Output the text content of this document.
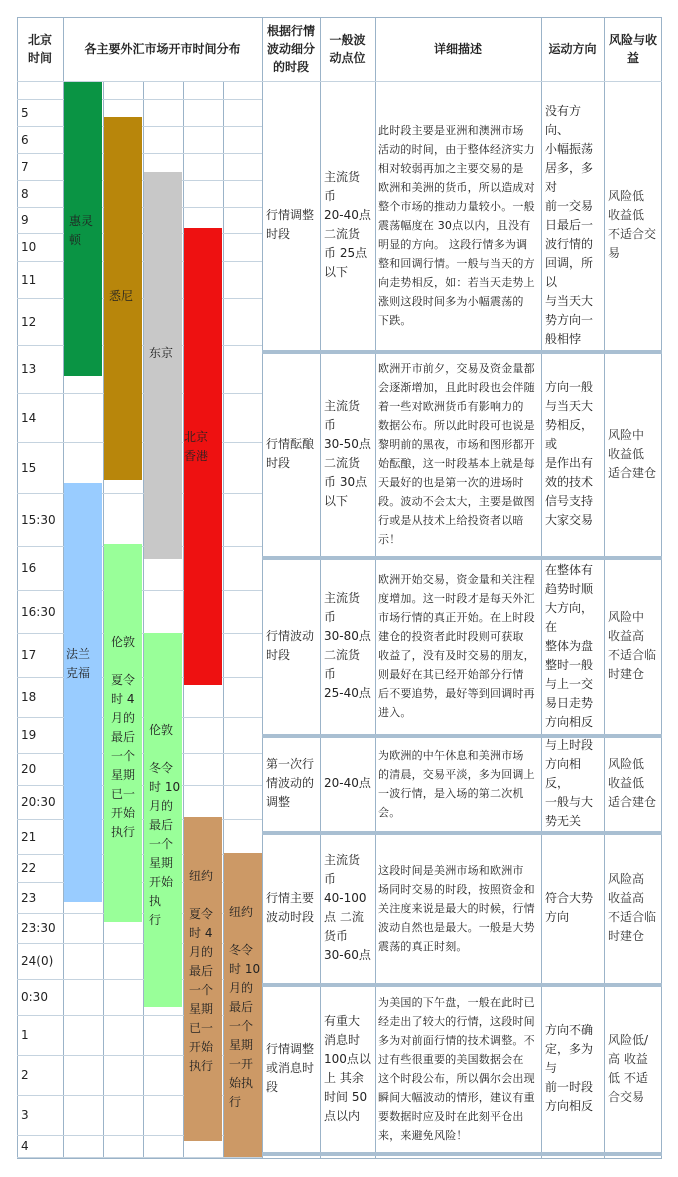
北京
时间
各主要外汇市场开市时间分布
根据行情
波动细分
的时段
一般波
动点位
详细描述	运动方向
风险与收
益
5
6
7
8
9
10
11
12
13
14
15
15:30
16
16:30
17
18
19
20
20:30
21
22
23
23:30
24(0)
0:30
1
2
3
4
惠灵
顿
悉尼
东京
北京
香港
法兰
克福
伦敦

夏令
时 4
月的
最后
一个
星期
已一
开始
执行
伦敦

冬令
时 10
月的
最后
一个
星期
开始执
行
纽约

夏令
时 4
月的
最后
一个
星期
已一
开始
执行
纽约

冬令
时 10
月的
最后
一个
星期
一开
始执
行
行情调整
时段
主流货
币
20-40点
二流货
币 25点
以下
此时段主要是亚洲和澳洲市场
活动的时间，由于整体经济实力
相对较弱再加之主要交易的是
欧洲和美洲的货币，所以造成对
整个市场的推动力量较小。一般
震荡幅度在 30点以内，且没有
明显的方向。 这段行情多为调
整和回调行情。一般与当天的方
向走势相反，如：若当天走势上
涨则这段时间多为小幅震荡的
下跌。
没有方向、
小幅振荡
居多，多对
前一交易
日最后一
波行情的
回调，所以
与当天大
势方向一
般相悖
风险低
收益低
不适合交
易
行情酝酿
时段
主流货
币
30-50点
二流货
币 30点
以下
欧洲开市前夕，交易及资金量都
会逐渐增加，且此时段也会伴随
着一些对欧洲货币有影响力的
数据公布。所以此时段可也说是
黎明前的黑夜，市场和图形都开
始酝酿，这一时段基本上就是每
天最好的也是第一次的进场时
段。波动不会太大，主要是做图
行或是从技术上给投资者以暗
示！
方向一般
与当天大
势相反，或
是作出有
效的技术
信号支持
大家交易
风险中
收益低
适合建仓
行情波动
时段
主流货
币
30-80点
二流货
币
25-40点
欧洲开始交易，资金量和关注程
度增加。这一时段才是每天外汇
市场行情的真正开始。在上时段
建仓的投资者此时段则可获取
收益了，没有及时交易的朋友，
则最好在其已经开始部分行情
后不要追势，最好等到回调时再
进入。
在整体有
趋势时顺
大方向，在
整体为盘
整时一般
与上一交
易日走势
方向相反
风险中
收益高
不适合临
时建仓
第一次行
情波动的
调整
20-40点
为欧洲的中午休息和美洲市场
的清晨，交易平淡，多为回调上
一波行情，是入场的第二次机
会。
与上时段
方向相反，
一般与大
势无关
风险低
收益低
适合建仓
行情主要
波动时段
主流货
币
40-100
点 二流
货币
30-60点
这段时间是美洲市场和欧洲市
场同时交易的时段，按照资金和
关注度来说是最大的时候，行情
波动自然也是最大。一般是大势
震荡的真正时刻。
符合大势
方向
风险高
收益高
不适合临
时建仓
行情调整
或消息时
段
有重大
消息时
100点以
上 其余
时间 50
点以内
为美国的下午盘，一般在此时已
经走出了较大的行情，这段时间
多为对前面行情的技术调整。不
过有些很重要的美国数据会在
这个时段公布，所以偶尔会出现
瞬间大幅波动的情形，建议有重
要数据时应及时在此刻平仓出
来，来避免风险！
方向不确
定，多为与
前一时段
方向相反
风险低/
高 收益
低 不适
合交易
